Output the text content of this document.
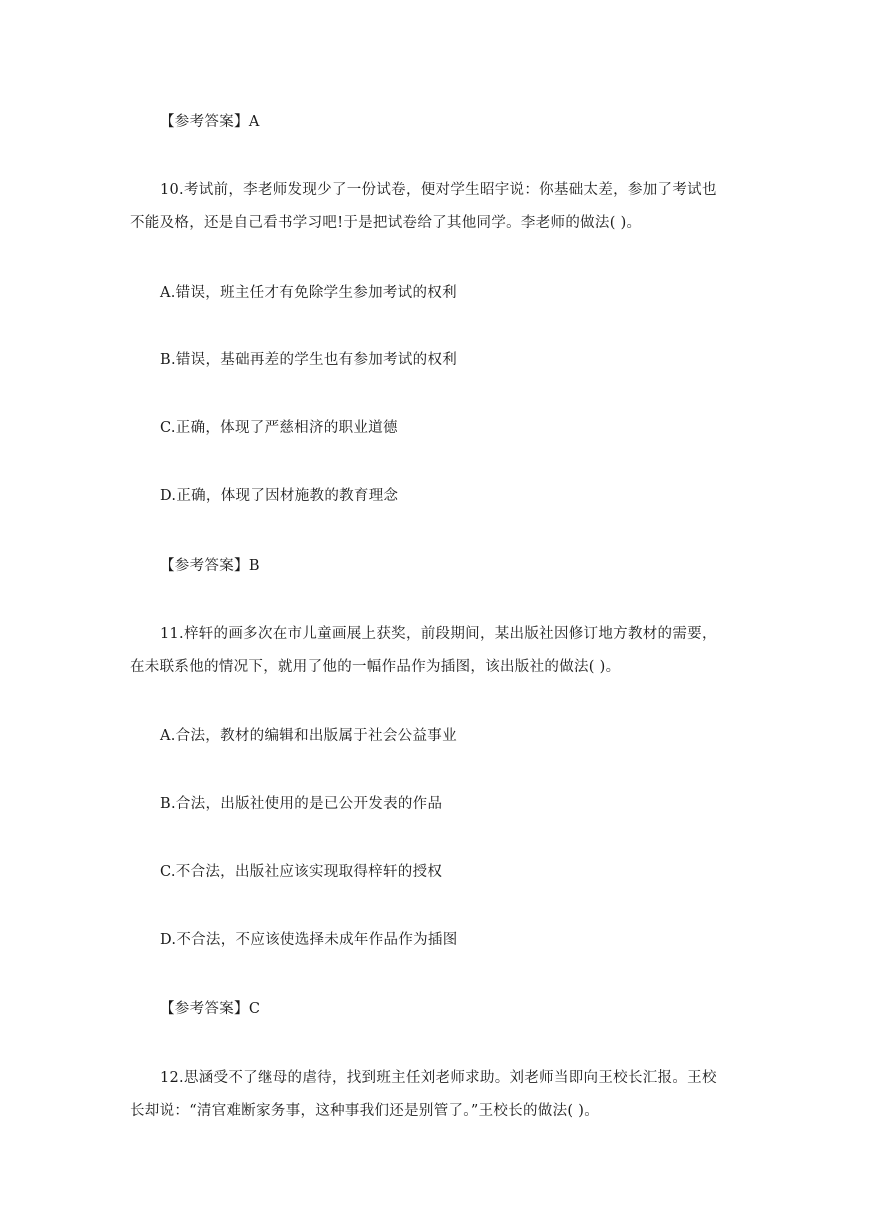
【参考答案】A
10.考试前，李老师发现少了一份试卷，便对学生昭宇说：你基础太差，参加了考试也
不能及格，还是自己看书学习吧!于是把试卷给了其他同学。李老师的做法( )。
A.错误，班主任才有免除学生参加考试的权利
B.错误，基础再差的学生也有参加考试的权利
C.正确，体现了严慈相济的职业道德
D.正确，体现了因材施教的教育理念
【参考答案】B
11.梓轩的画多次在市儿童画展上获奖，前段期间，某出版社因修订地方教材的需要，
在未联系他的情况下，就用了他的一幅作品作为插图，该出版社的做法( )。
A.合法，教材的编辑和出版属于社会公益事业
B.合法，出版社使用的是已公开发表的作品
C.不合法，出版社应该实现取得梓轩的授权
D.不合法，不应该使选择未成年作品作为插图
【参考答案】C
12.思涵受不了继母的虐待，找到班主任刘老师求助。刘老师当即向王校长汇报。王校
长却说：“清官难断家务事，这种事我们还是别管了。”王校长的做法( )。
